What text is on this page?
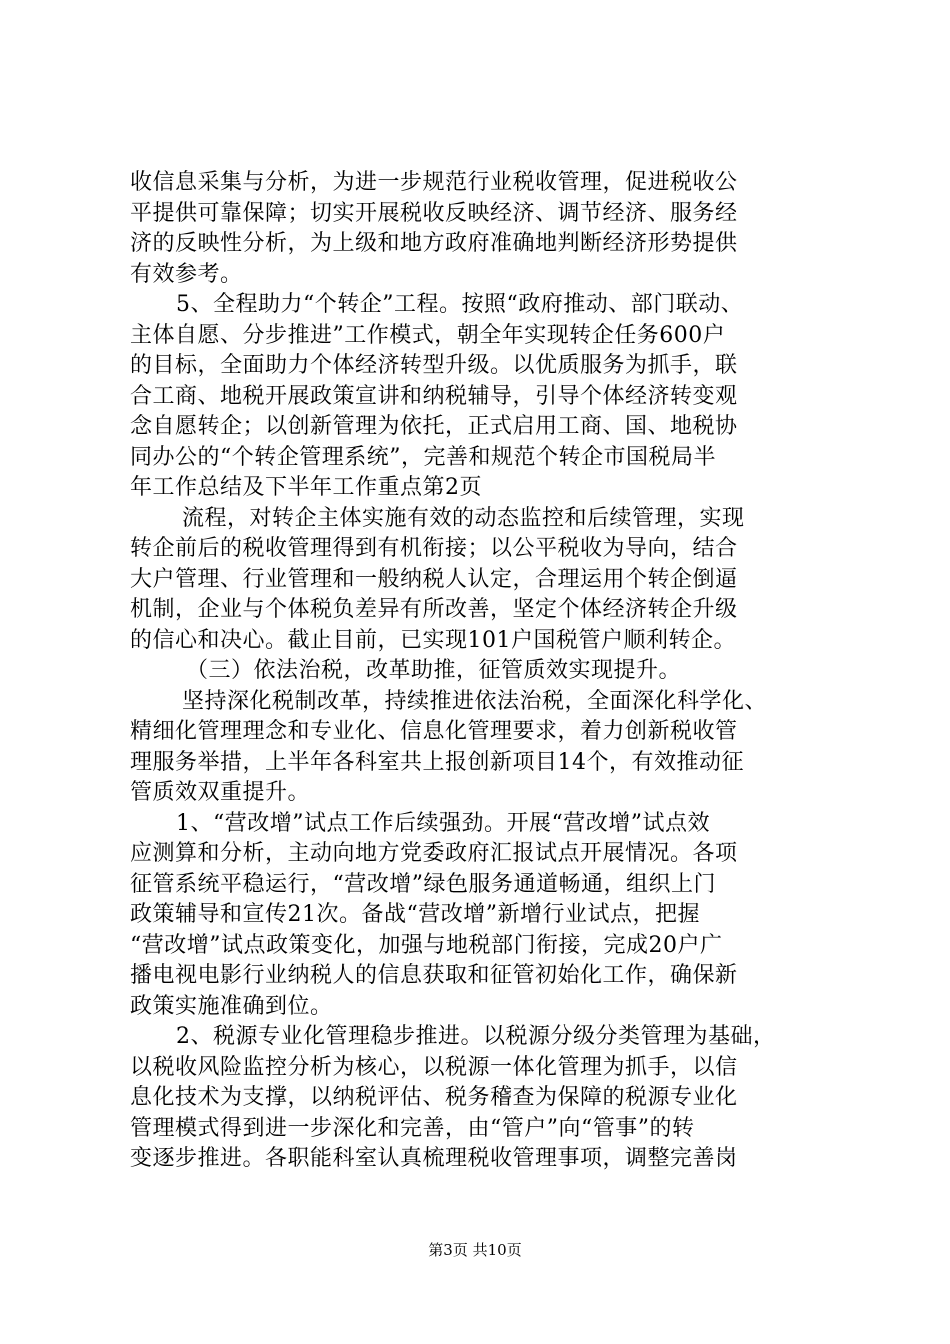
收信息采集与分析，为进一步规范行业税收管理，促进税收公
平提供可靠保障；切实开展税收反映经济、调节经济、服务经
济的反映性分析，为上级和地方政府准确地判断经济形势提供
有效参考。
5、全程助力“个转企”工程。按照“政府推动、部门联动、
主体自愿、分步推进”工作模式，朝全年实现转企任务600户
的目标，全面助力个体经济转型升级。以优质服务为抓手，联
合工商、地税开展政策宣讲和纳税辅导，引导个体经济转变观
念自愿转企；以创新管理为依托，正式启用工商、国、地税协
同办公的“个转企管理系统”，完善和规范个转企市国税局半
年工作总结及下半年工作重点第2页
流程，对转企主体实施有效的动态监控和后续管理，实现
转企前后的税收管理得到有机衔接；以公平税收为导向，结合
大户管理、行业管理和一般纳税人认定，合理运用个转企倒逼
机制，企业与个体税负差异有所改善，坚定个体经济转企升级
的信心和决心。截止目前，已实现101户国税管户顺利转企。
（三）依法治税，改革助推，征管质效实现提升。
坚持深化税制改革，持续推进依法治税，全面深化科学化、
精细化管理理念和专业化、信息化管理要求，着力创新税收管
理服务举措，上半年各科室共上报创新项目14个，有效推动征
管质效双重提升。
1、“营改增”试点工作后续强劲。开展“营改增”试点效
应测算和分析，主动向地方党委政府汇报试点开展情况。各项
征管系统平稳运行，“营改增”绿色服务通道畅通，组织上门
政策辅导和宣传21次。备战“营改增”新增行业试点，把握
“营改增”试点政策变化，加强与地税部门衔接，完成20户广
播电视电影行业纳税人的信息获取和征管初始化工作，确保新
政策实施准确到位。
2、税源专业化管理稳步推进。以税源分级分类管理为基础，
以税收风险监控分析为核心，以税源一体化管理为抓手，以信
息化技术为支撑，以纳税评估、税务稽查为保障的税源专业化
管理模式得到进一步深化和完善，由“管户”向“管事”的转
变逐步推进。各职能科室认真梳理税收管理事项，调整完善岗
第3页 共10页
